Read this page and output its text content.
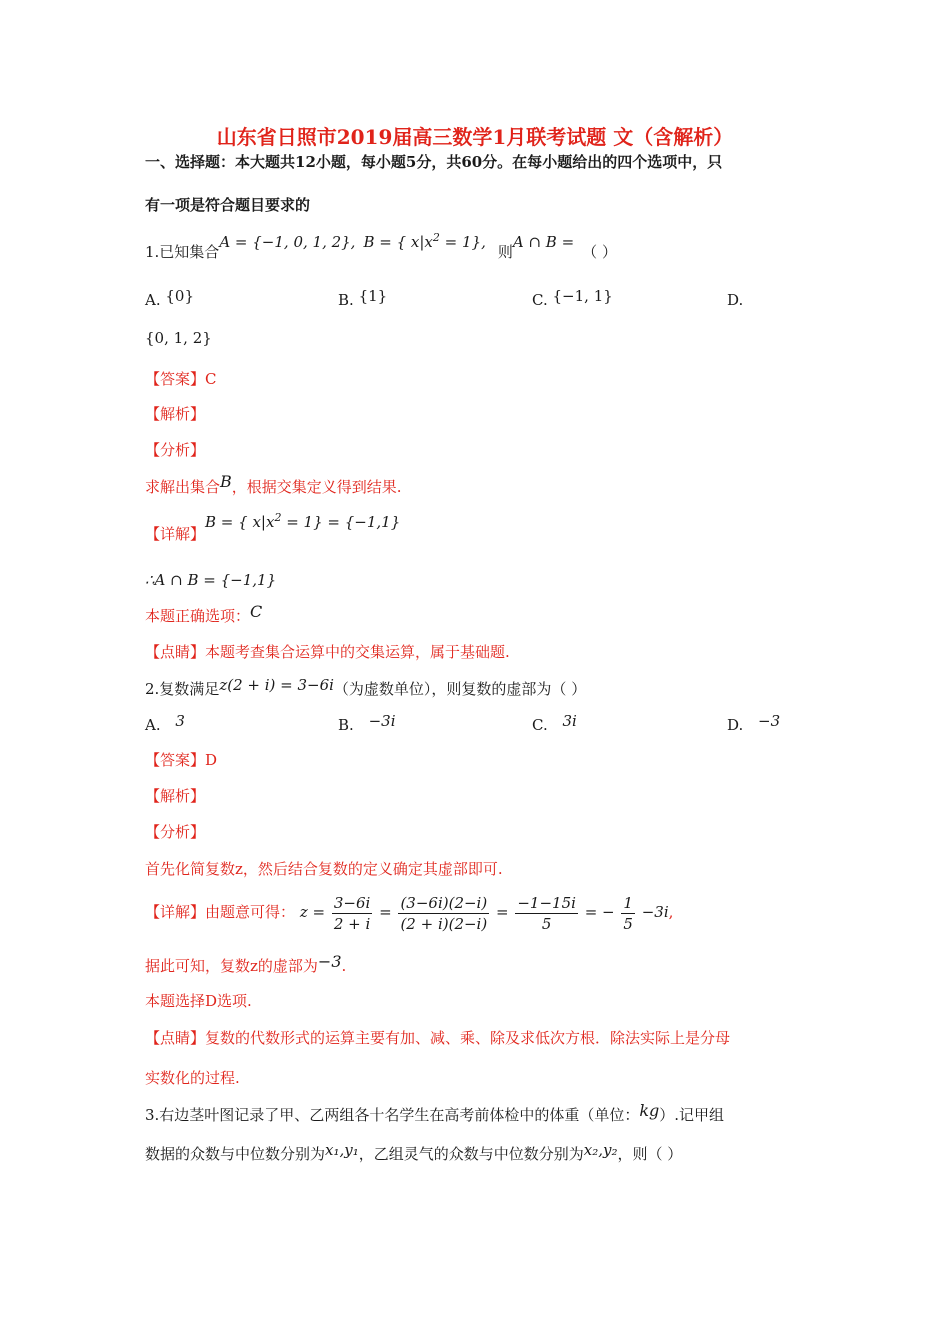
山东省日照市2019届高三数学1月联考试题 文（含解析）
一、选择题：本大题共12小题，每小题5分，共60分。在每小题给出的四个选项中，只
有一项是符合题目要求的
1.已知集合A = {−1, 0, 1, 2}, B = { $x|x^2 = 1$},则A ∩ B =（ ）
A. {0}	B. {1}	C. {−1, 1}	D.
{0, 1, 2}
【答案】C
【解析】
【分析】
求解出集合B，根据交集定义得到结果.
【详解】B = { $x|x^2 = 1\} = \{-1,1\}$
∴A ∩ B = {−1,1}
本题正确选项：C
【点睛】本题考查集合运算中的交集运算，属于基础题.
2.复数满足z(2 + i) = 3−6i（为虚数单位），则复数的虚部为（ ）
A. 3	B. −3i	C. 3i	D. −3
【答案】D
【解析】
【分析】
首先化简复数z，然后结合复数的定义确定其虚部即可.
【详解】由题意可得： $z = \frac{3-6i}{2 + i} = \frac{(3-6i)(2-i)}{(2 + i)(2-i)} = \frac{-1-15i}{5}$ = − $\frac{1}{5} -3i$,
据此可知，复数z的虚部为−3.
本题选择D选项.
【点睛】复数的代数形式的运算主要有加、减、乘、除及求低次方根．除法实际上是分母
实数化的过程.
3.右边茎叶图记录了甲、乙两组各十名学生在高考前体检中的体重（单位：kg）.记甲组
数据的众数与中位数分别为x₁,y₁，乙组灵气的众数与中位数分别为x₂,y₂，则（ ）
